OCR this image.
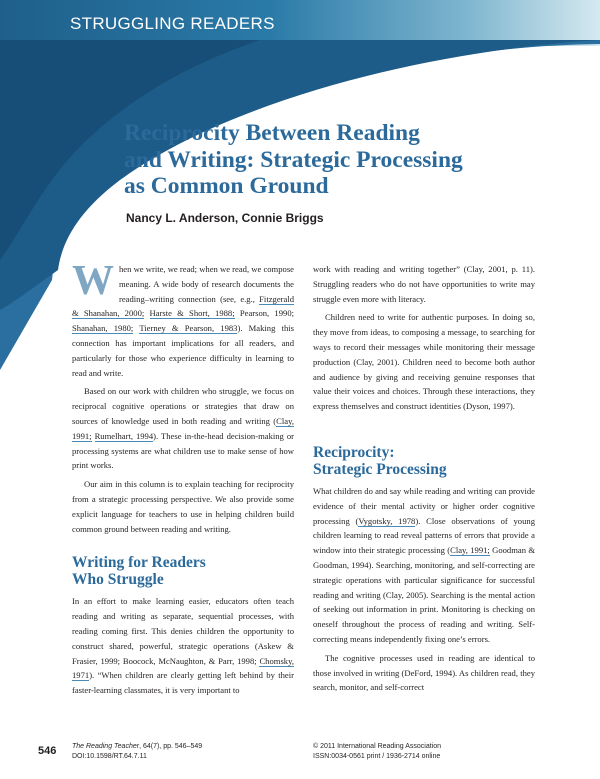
STRUGGLING READERS
Reciprocity Between Reading
and Writing: Strategic Processing
as Common Ground
Nancy L. Anderson, Connie Briggs

When we write, we read; when we read, we compose meaning. A wide body of research documents the reading–writing connection (see, e.g., Fitzgerald & Shanahan, 2000; Harste & Short, 1988; Pearson, 1990; Shanahan, 1980; Tierney & Pearson, 1983). Making this connection has important implications for all readers, and particularly for those who experience difficulty in learning to read and write.

Based on our work with children who struggle, we focus on reciprocal cognitive operations or strategies that draw on sources of knowledge used in both reading and writing (Clay, 1991; Rumelhart, 1994). These in-the-head decision-making or processing systems are what children use to make sense of how print works.

Our aim in this column is to explain teaching for reciprocity from a strategic processing perspective. We also provide some explicit language for teachers to use in helping children build common ground between reading and writing.

Writing for Readers
Who Struggle

In an effort to make learning easier, educators often teach reading and writing as separate, sequential processes, with reading coming first. This denies children the opportunity to construct shared, powerful, strategic operations (Askew & Frasier, 1999; Boocock, McNaughton, & Parr, 1998; Chomsky, 1971). “When children are clearly getting left behind by their faster-learning classmates, it is very important to

work with reading and writing together” (Clay, 2001, p. 11). Struggling readers who do not have opportunities to write may struggle even more with literacy.

Children need to write for authentic purposes. In doing so, they move from ideas, to composing a message, to searching for ways to record their messages while monitoring their message production (Clay, 2001). Children need to become both author and audience by giving and receiving genuine responses that value their voices and choices. Through these interactions, they express themselves and construct identities (Dyson, 1997).

Reciprocity:
Strategic Processing

What children do and say while reading and writing can provide evidence of their mental activity or higher order cognitive processing (Vygotsky, 1978). Close observations of young children learning to read reveal patterns of errors that provide a window into their strategic processing (Clay, 1991; Goodman & Goodman, 1994). Searching, monitoring, and self-correcting are strategic operations with particular significance for successful reading and writing (Clay, 2005). Searching is the mental action of seeking out information in print. Monitoring is checking on oneself throughout the process of reading and writing. Self-correcting means independently fixing one’s errors.

The cognitive processes used in reading are identical to those involved in writing (DeFord, 1994). As children read, they search, monitor, and self-correct

546 The Reading Teacher, 64(7), pp. 546–549
DOI:10.1598/RT.64.7.11
© 2011 International Reading Association
ISSN:0034-0561 print / 1936-2714 online
